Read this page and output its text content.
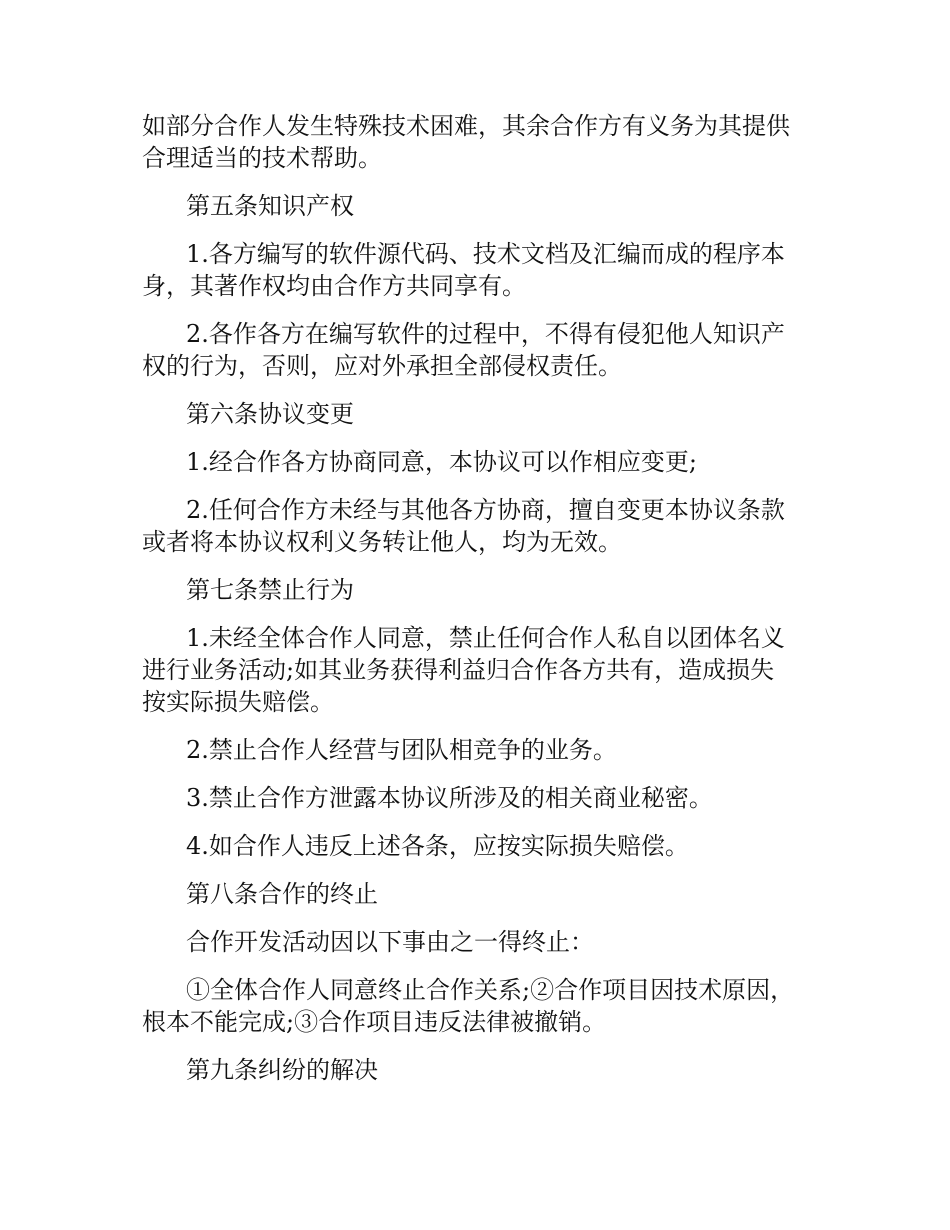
如部分合作人发生特殊技术困难，其余合作方有义务为其提供
合理适当的技术帮助。

第五条知识产权

1.各方编写的软件源代码、技术文档及汇编而成的程序本
身，其著作权均由合作方共同享有。

2.各作各方在编写软件的过程中，不得有侵犯他人知识产
权的行为，否则，应对外承担全部侵权责任。

第六条协议变更

1.经合作各方协商同意，本协议可以作相应变更;

2.任何合作方未经与其他各方协商，擅自变更本协议条款
或者将本协议权利义务转让他人，均为无效。

第七条禁止行为

1.未经全体合作人同意，禁止任何合作人私自以团体名义
进行业务活动;如其业务获得利益归合作各方共有，造成损失
按实际损失赔偿。

2.禁止合作人经营与团队相竞争的业务。

3.禁止合作方泄露本协议所涉及的相关商业秘密。

4.如合作人违反上述各条，应按实际损失赔偿。

第八条合作的终止

合作开发活动因以下事由之一得终止：

①全体合作人同意终止合作关系;②合作项目因技术原因，
根本不能完成;③合作项目违反法律被撤销。

第九条纠纷的解决
